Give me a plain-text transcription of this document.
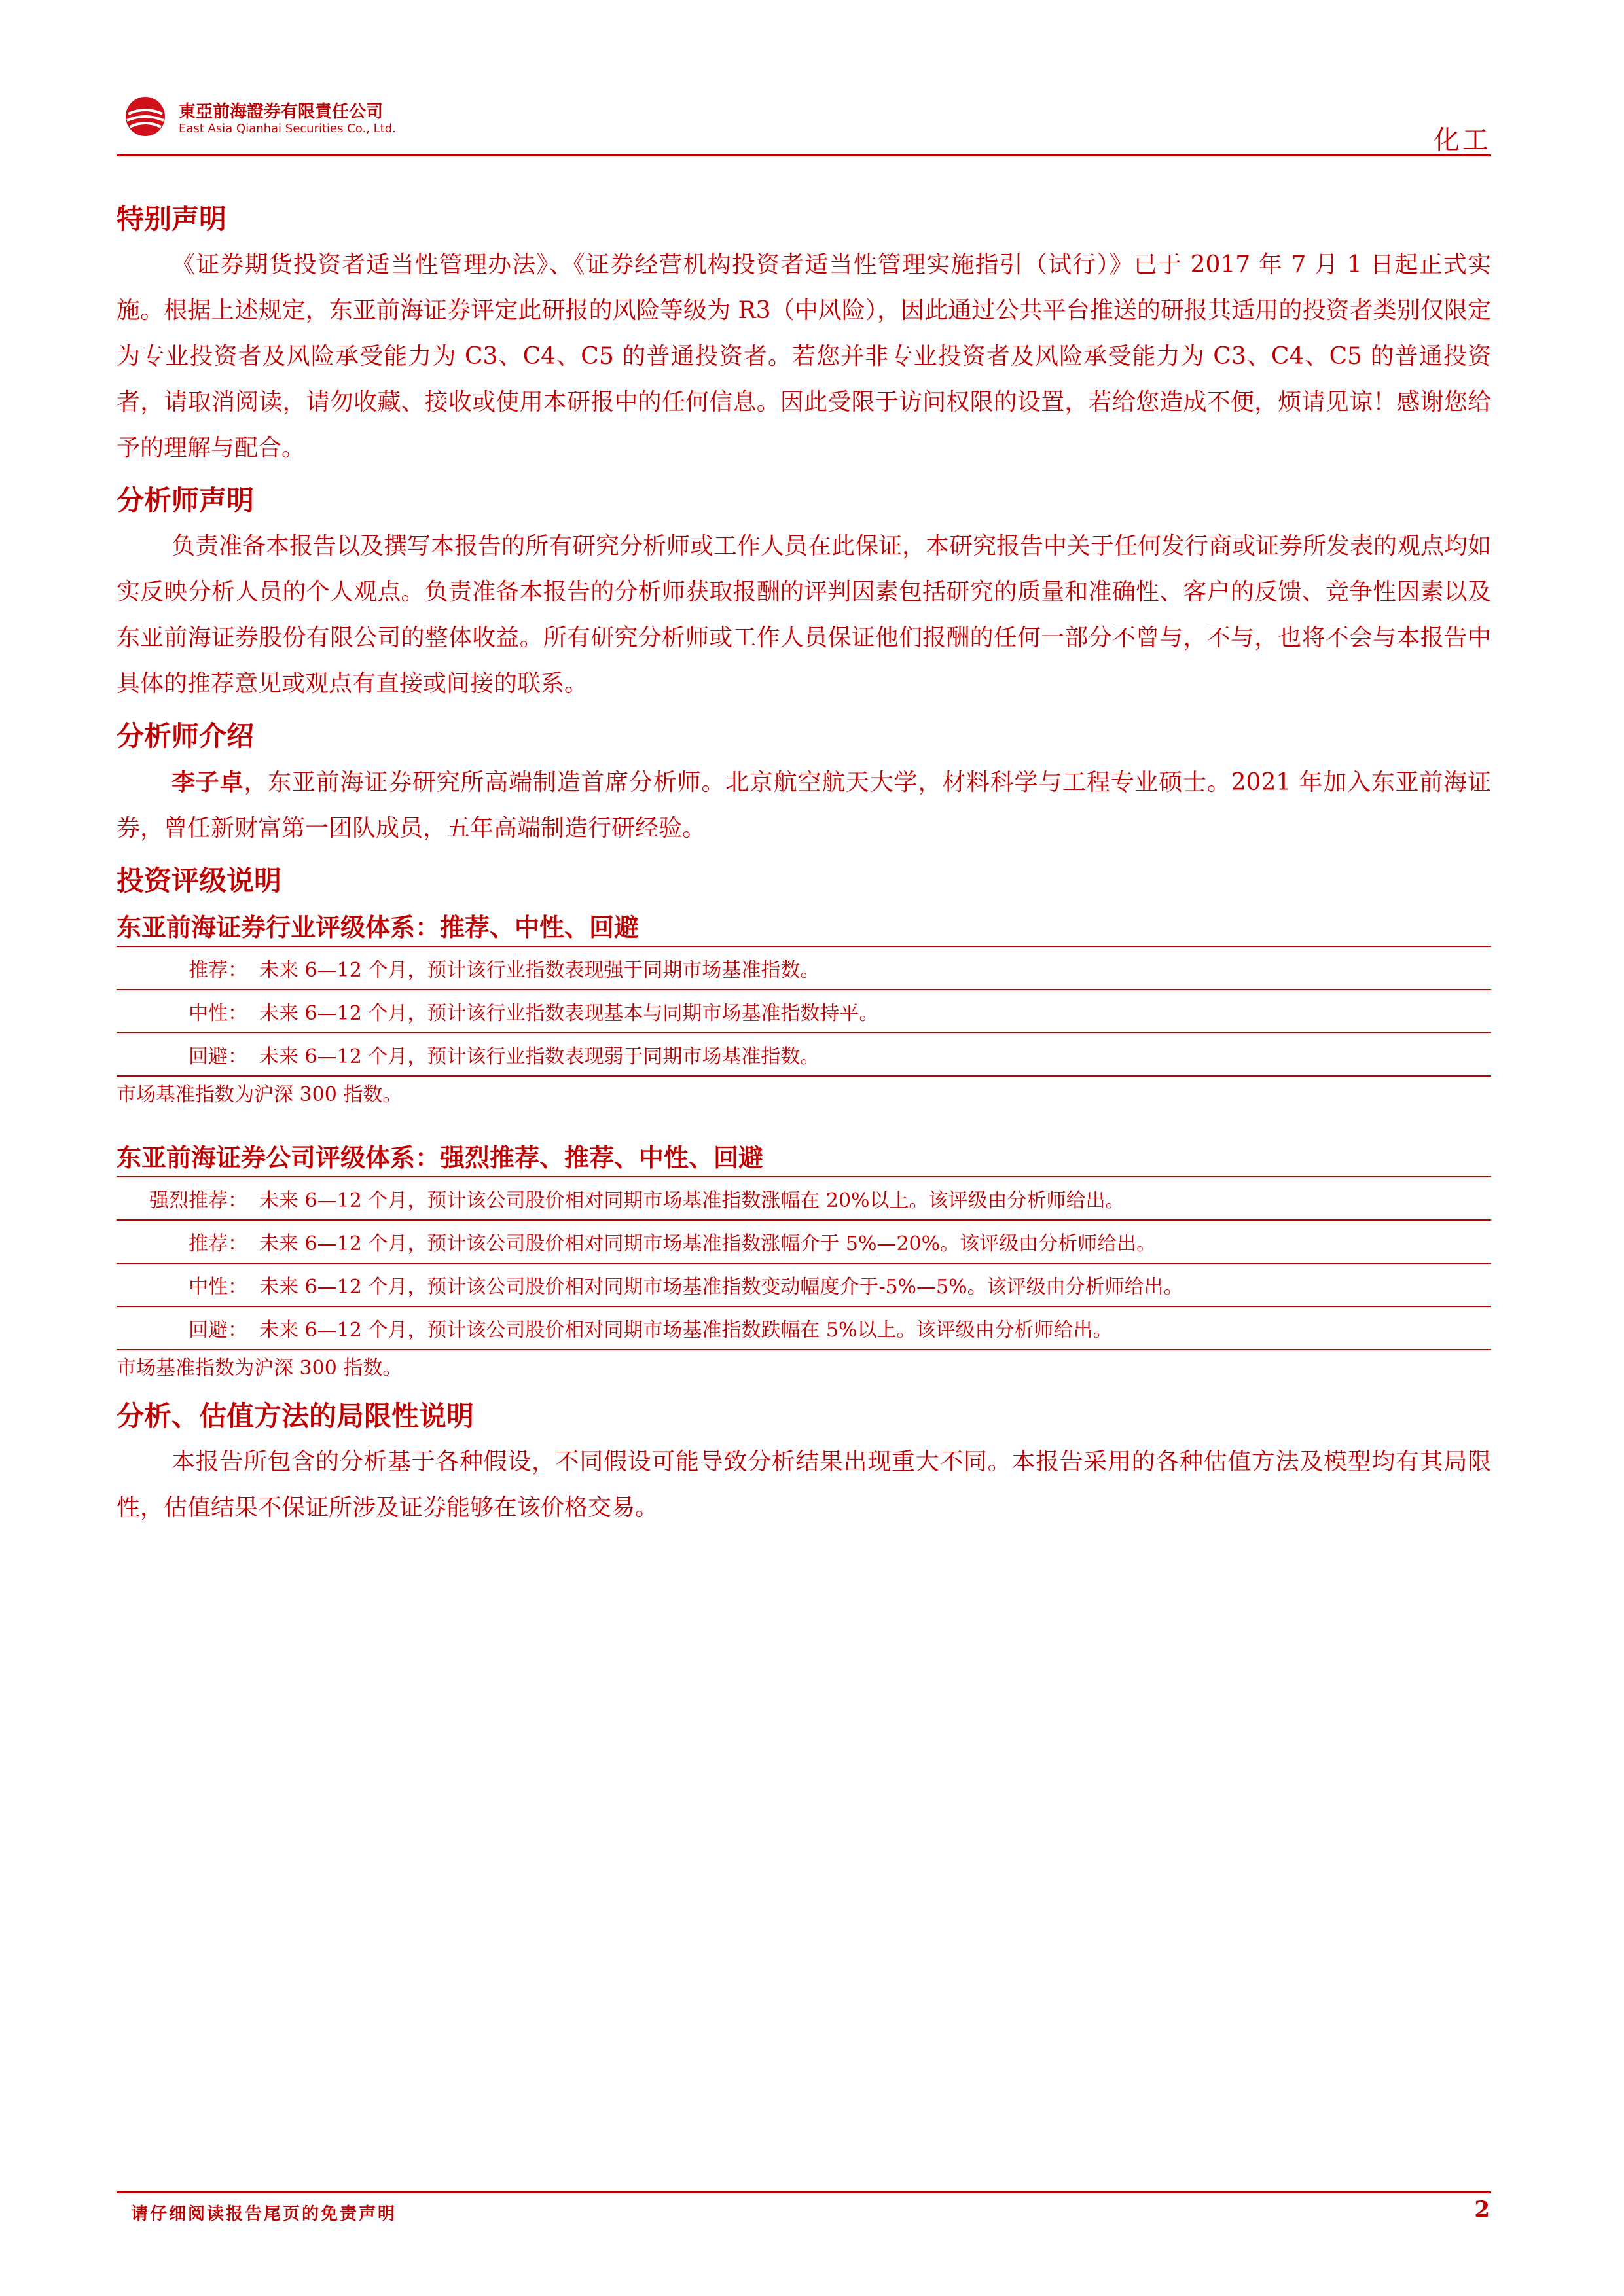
東亞前海證券有限責任公司
East Asia Qianhai Securities Co., Ltd.	化工
特别声明

《证券期货投资者适当性管理办法》、《证券经营机构投资者适当性管理实施指引（试行）》已于 2017 年 7 月 1 日起正式实施。根据上述规定，东亚前海证券评定此研报的风险等级为 R3（中风险），因此通过公共平台推送的研报其适用的投资者类别仅限定为专业投资者及风险承受能力为 C3、C4、C5 的普通投资者。若您并非专业投资者及风险承受能力为 C3、C4、C5 的普通投资者，请取消阅读，请勿收藏、接收或使用本研报中的任何信息。因此受限于访问权限的设置，若给您造成不便，烦请见谅！感谢您给予的理解与配合。

分析师声明

负责准备本报告以及撰写本报告的所有研究分析师或工作人员在此保证，本研究报告中关于任何发行商或证券所发表的观点均如实反映分析人员的个人观点。负责准备本报告的分析师获取报酬的评判因素包括研究的质量和准确性、客户的反馈、竞争性因素以及东亚前海证券股份有限公司的整体收益。所有研究分析师或工作人员保证他们报酬的任何一部分不曾与，不与，也将不会与本报告中具体的推荐意见或观点有直接或间接的联系。

分析师介绍

李子卓，东亚前海证券研究所高端制造首席分析师。北京航空航天大学，材料科学与工程专业硕士。2021 年加入东亚前海证券，曾任新财富第一团队成员，五年高端制造行研经验。

投资评级说明
东亚前海证券行业评级体系：推荐、中性、回避
推荐：	未来 6—12 个月，预计该行业指数表现强于同期市场基准指数。
中性：	未来 6—12 个月，预计该行业指数表现基本与同期市场基准指数持平。
回避：	未来 6—12 个月，预计该行业指数表现弱于同期市场基准指数。
市场基准指数为沪深 300 指数。
东亚前海证券公司评级体系：强烈推荐、推荐、中性、回避
强烈推荐：	未来 6—12 个月，预计该公司股价相对同期市场基准指数涨幅在 20%以上。该评级由分析师给出。
推荐：	未来 6—12 个月，预计该公司股价相对同期市场基准指数涨幅介于 5%—20%。该评级由分析师给出。
中性：	未来 6—12 个月，预计该公司股价相对同期市场基准指数变动幅度介于-5%—5%。该评级由分析师给出。
回避：	未来 6—12 个月，预计该公司股价相对同期市场基准指数跌幅在 5%以上。该评级由分析师给出。
市场基准指数为沪深 300 指数。
分析、估值方法的局限性说明

本报告所包含的分析基于各种假设，不同假设可能导致分析结果出现重大不同。本报告采用的各种估值方法及模型均有其局限性，估值结果不保证所涉及证券能够在该价格交易。

请仔细阅读报告尾页的免责声明	2
